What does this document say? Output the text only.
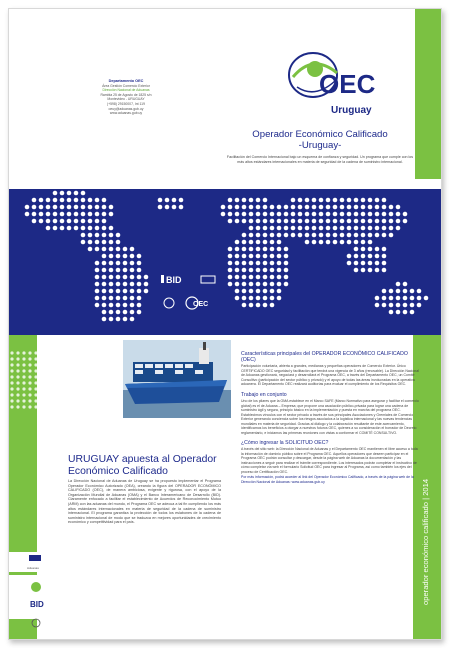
Departamento OEC
Área Gestión Comercio Exterior
Dirección Nacional de Aduanas
Rambla 25 de Agosto de 1825 s/n
Montevideo - URUGUAY
(+598) 29150007, Int 119
oeuy@aduanas.gub.uy
www.aduanas.gub.uy
OEC
Uruguay
Operador Económico Calificado
-Uruguay-
Facilitación del Comercio Internacional bajo un esquema de confianza y seguridad. Un programa que cumple con los más altos estándares internacionales en materia de seguridad de la cadena de suministro internacional.
BID
OEC
URUGUAY apuesta al Operador Económico Calificado
La Dirección Nacional de Aduanas de Uruguay se ha propuesto implementar el Programa Operador Económico Autorizado (OEA), creando la figura del OPERADOR ECONÓMICO CALIFICADO (OEC), de manera ambiciosa, exigente y rigurosa, con el apoyo de la Organización Mundial de Aduanas (OMA) y el Banco Interamericano de Desarrollo (BID). Claramente enfocado a facilitar el establecimiento de Acuerdos de Reconocimiento Mutuo (ARM) con las aduanas del mundo, el Programa OEC se adecua a tal fin cumpliendo los más altos estándares internacionales en materia de seguridad de la cadena de suministro internacional. El programa garantiza la protección de todos los eslabones de la cadena de suministro internacional de modo que se traduzca en mejores oportunidades de crecimiento económico y competitividad para el país.
Características principales del OPERADOR ECONÓMICO CALIFICADO (OEC)

Participación voluntaria, abierta a grandes, medianas y pequeñas operadores de Comercio Exterior. Único CERTIFICADO OEC seguridad y facilitación que tendrá una vigencia de 3 años (renovable). La Dirección Nacional de Aduanas gestionará, negociará y desarrollará el Programa OEC, a través del Departamento OEC, un Comité Consultivo (participación del sector público y privado) y el apoyo de todas las áreas involucradas en la operativa aduanera. El Departamento OEC realizará auditorías para evaluar el cumplimiento de los Requisitos OEC.

Trabajo en conjunto

Uno de los pilares que la OMA establece en el Marco SAFE (Marco Normativo para asegurar y facilitar el comercio global) es el de Aduana – Empresa; que propone una asociación público-privada para lograr una cadena de suministro ágil y segura, principio básico en la implementación y puesta en marcha del programa OEC. Establecimos vínculos con el sector privado a través de sus principales Asociaciones y Gremiales de Comercio Exterior generando conciencia sobre los riesgos asociados a la logística internacional y las nuevas tendencias mundiales en materia de seguridad. Gracias al diálogo y la colaboración resultante de este acercamiento, identificamos los beneficios a otorgar a nuestros futuros OEC, quienes a su consideración el borrador de Decreto reglamentario, e iniciamos las primeras reuniones con vistas a conformar el COMITÉ CONSULTIVO.

¿Cómo ingresar la SOLICITUD OEC?

A través del sitio web: la Dirección Nacional de Aduanas y el Departamento OEC mantienen el libre acceso a toda la información de dominio público sobre el Programa OEC. Aquellos operadores que deseen participar en el Programa OEC podrán consultar y descargar, desde la página web de Aduanas la documentación y las instrucciones a seguir para realizar el trámite correspondiente. Los interesados podrán completar el instructivo de cómo completar vía web el formulario Solicitud OEC para ingresar al Programa, así como también los ejes del proceso de Certificación OEC.

Por más información, podrá acceder al link del Operador Económico Calificado, a través de la página web de la Dirección Nacional de Aduanas: www.aduanas.gub.uy

Aduanas
BID	operador económico calificado | 2014
